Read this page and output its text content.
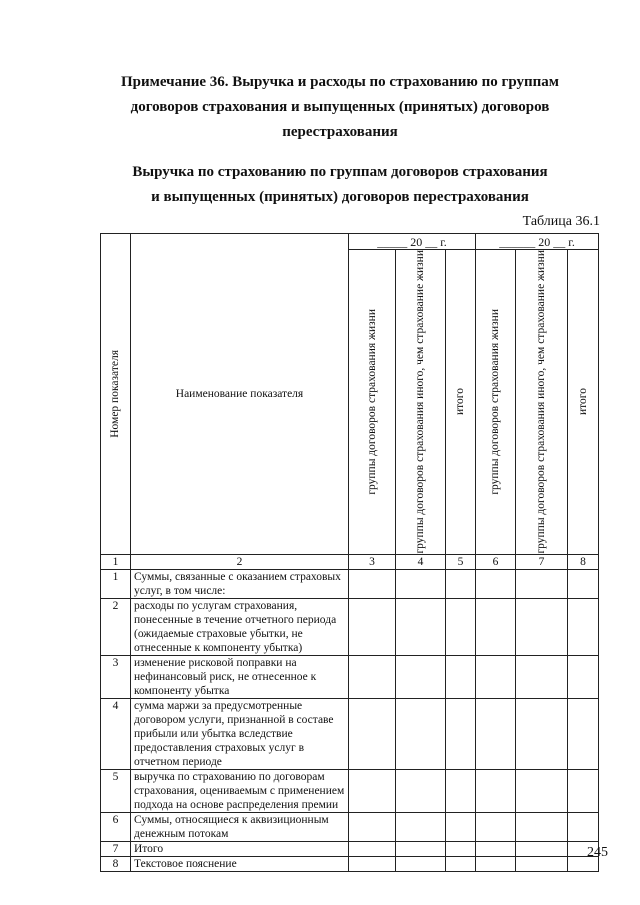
Примечание 36. Выручка и расходы по страхованию по группам
договоров страхования и выпущенных (принятых) договоров
перестрахования
Выручка по страхованию по группам договоров страхования
и выпущенных (принятых) договоров перестрахования
Таблица 36.1
Номер показателя	Наименование показателя	_____ 20 __ г.			______ 20 __ г.		

		группы договоров страхования жизни	группы договоров страхования иного, чем страхование жизни	итого	группы договоров страхования жизни	группы договоров страхования иного, чем страхование жизни	итого

1	2	3	4	5	6	7	8
1	Суммы, связанные с оказанием страховых услуг, в том числе:						
2	расходы по услугам страхования, понесенные в течение отчетного периода (ожидаемые страховые убытки, не отнесенные к компоненту убытка)						
3	изменение рисковой поправки на нефинансовый риск, не отнесенное к компоненту убытка						
4	сумма маржи за предусмотренные договором услуги, признанной в составе прибыли или убытка вследствие предоставления страховых услуг в отчетном периоде						
5	выручка по страхованию по договорам страхования, оцениваемым с применением подхода на основе распределения премии						
6	Суммы, относящиеся к аквизиционным денежным потокам						
7	Итого						
8	Текстовое пояснение						
245
